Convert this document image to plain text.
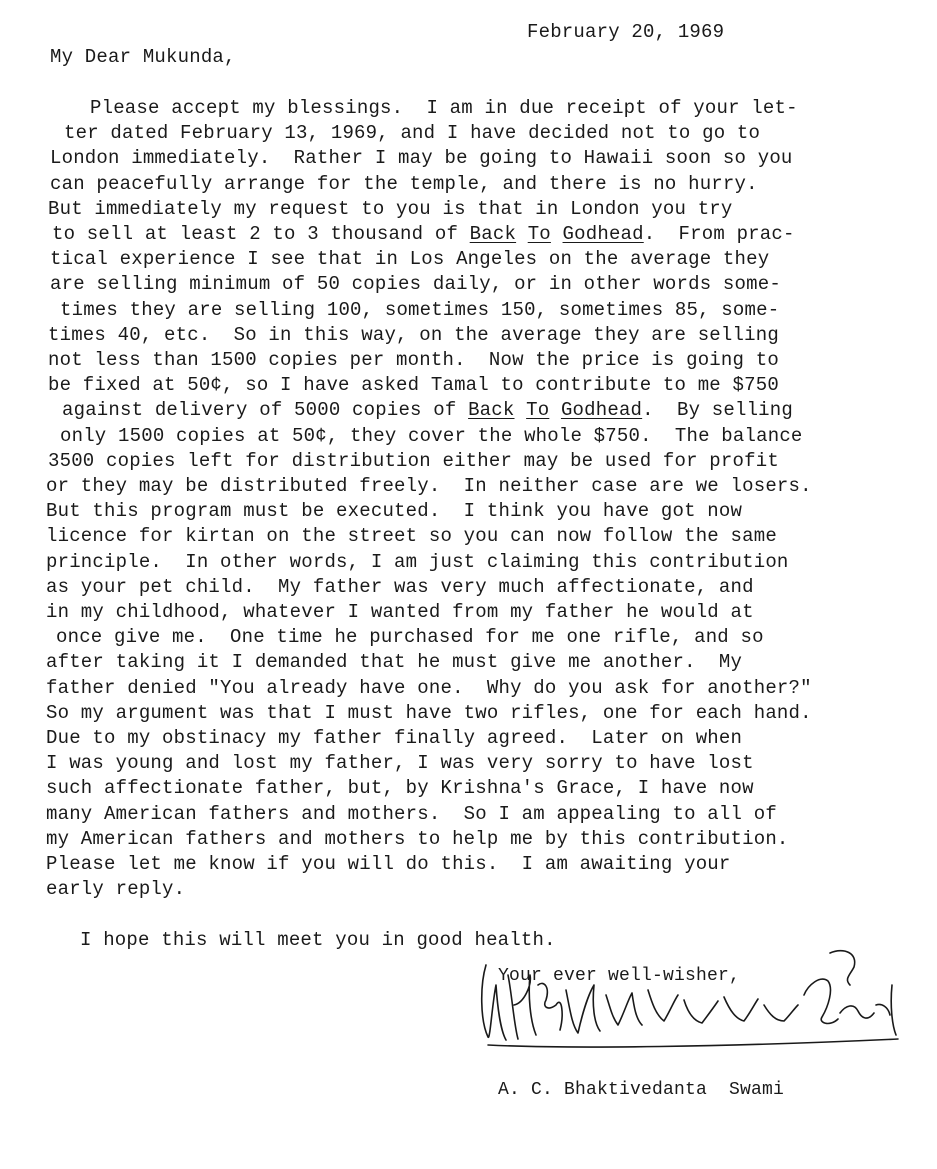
February 20, 1969
My Dear Mukunda,
Please accept my blessings.  I am in due receipt of your let-
ter dated February 13, 1969, and I have decided not to go to
London immediately.  Rather I may be going to Hawaii soon so you
can peacefully arrange for the temple, and there is no hurry.
But immediately my request to you is that in London you try
to sell at least 2 to 3 thousand of Back To Godhead.  From prac-
tical experience I see that in Los Angeles on the average they
are selling minimum of 50 copies daily, or in other words some-
times they are selling 100, sometimes 150, sometimes 85, some-
times 40, etc.  So in this way, on the average they are selling
not less than 1500 copies per month.  Now the price is going to
be fixed at 50¢, so I have asked Tamal to contribute to me $750
against delivery of 5000 copies of Back To Godhead.  By selling
only 1500 copies at 50¢, they cover the whole $750.  The balance
3500 copies left for distribution either may be used for profit
or they may be distributed freely.  In neither case are we losers.
But this program must be executed.  I think you have got now
licence for kirtan on the street so you can now follow the same
principle.  In other words, I am just claiming this contribution
as your pet child.  My father was very much affectionate, and
in my childhood, whatever I wanted from my father he would at
once give me.  One time he purchased for me one rifle, and so
after taking it I demanded that he must give me another.  My
father denied "You already have one.  Why do you ask for another?"
So my argument was that I must have two rifles, one for each hand.
Due to my obstinacy my father finally agreed.  Later on when
I was young and lost my father, I was very sorry to have lost
such affectionate father, but, by Krishna's Grace, I have now
many American fathers and mothers.  So I am appealing to all of
my American fathers and mothers to help me by this contribution.
Please let me know if you will do this.  I am awaiting your
early reply.
I hope this will meet you in good health.
Your ever well-wisher,
A. C. Bhaktivedanta  Swami
